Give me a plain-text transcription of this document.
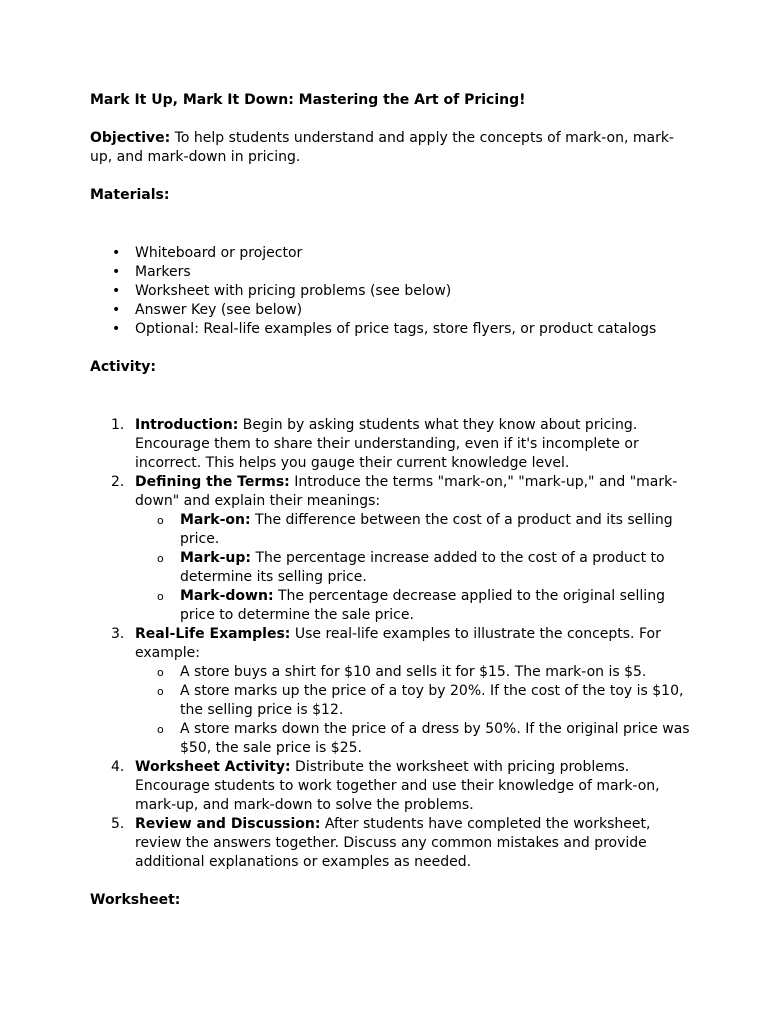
Mark It Up, Mark It Down: Mastering the Art of Pricing!

Objective: To help students understand and apply the concepts of mark-on, mark-up, and mark-down in pricing.

Materials:

• Whiteboard or projector
• Markers
• Worksheet with pricing problems (see below)
• Answer Key (see below)
• Optional: Real-life examples of price tags, store flyers, or product catalogs

Activity:

1. Introduction: Begin by asking students what they know about pricing. Encourage them to share their understanding, even if it's incomplete or incorrect. This helps you gauge their current knowledge level.
2. Defining the Terms: Introduce the terms "mark-on," "mark-up," and "mark-down" and explain their meanings:
o Mark-on: The difference between the cost of a product and its selling price.
o Mark-up: The percentage increase added to the cost of a product to determine its selling price.
o Mark-down: The percentage decrease applied to the original selling price to determine the sale price.
3. Real-Life Examples: Use real-life examples to illustrate the concepts. For example:
o A store buys a shirt for $10 and sells it for $15. The mark-on is $5.
o A store marks up the price of a toy by 20%. If the cost of the toy is $10, the selling price is $12.
o A store marks down the price of a dress by 50%. If the original price was $50, the sale price is $25.
4. Worksheet Activity: Distribute the worksheet with pricing problems. Encourage students to work together and use their knowledge of mark-on, mark-up, and mark-down to solve the problems.
5. Review and Discussion: After students have completed the worksheet, review the answers together. Discuss any common mistakes and provide additional explanations or examples as needed.

Worksheet:
